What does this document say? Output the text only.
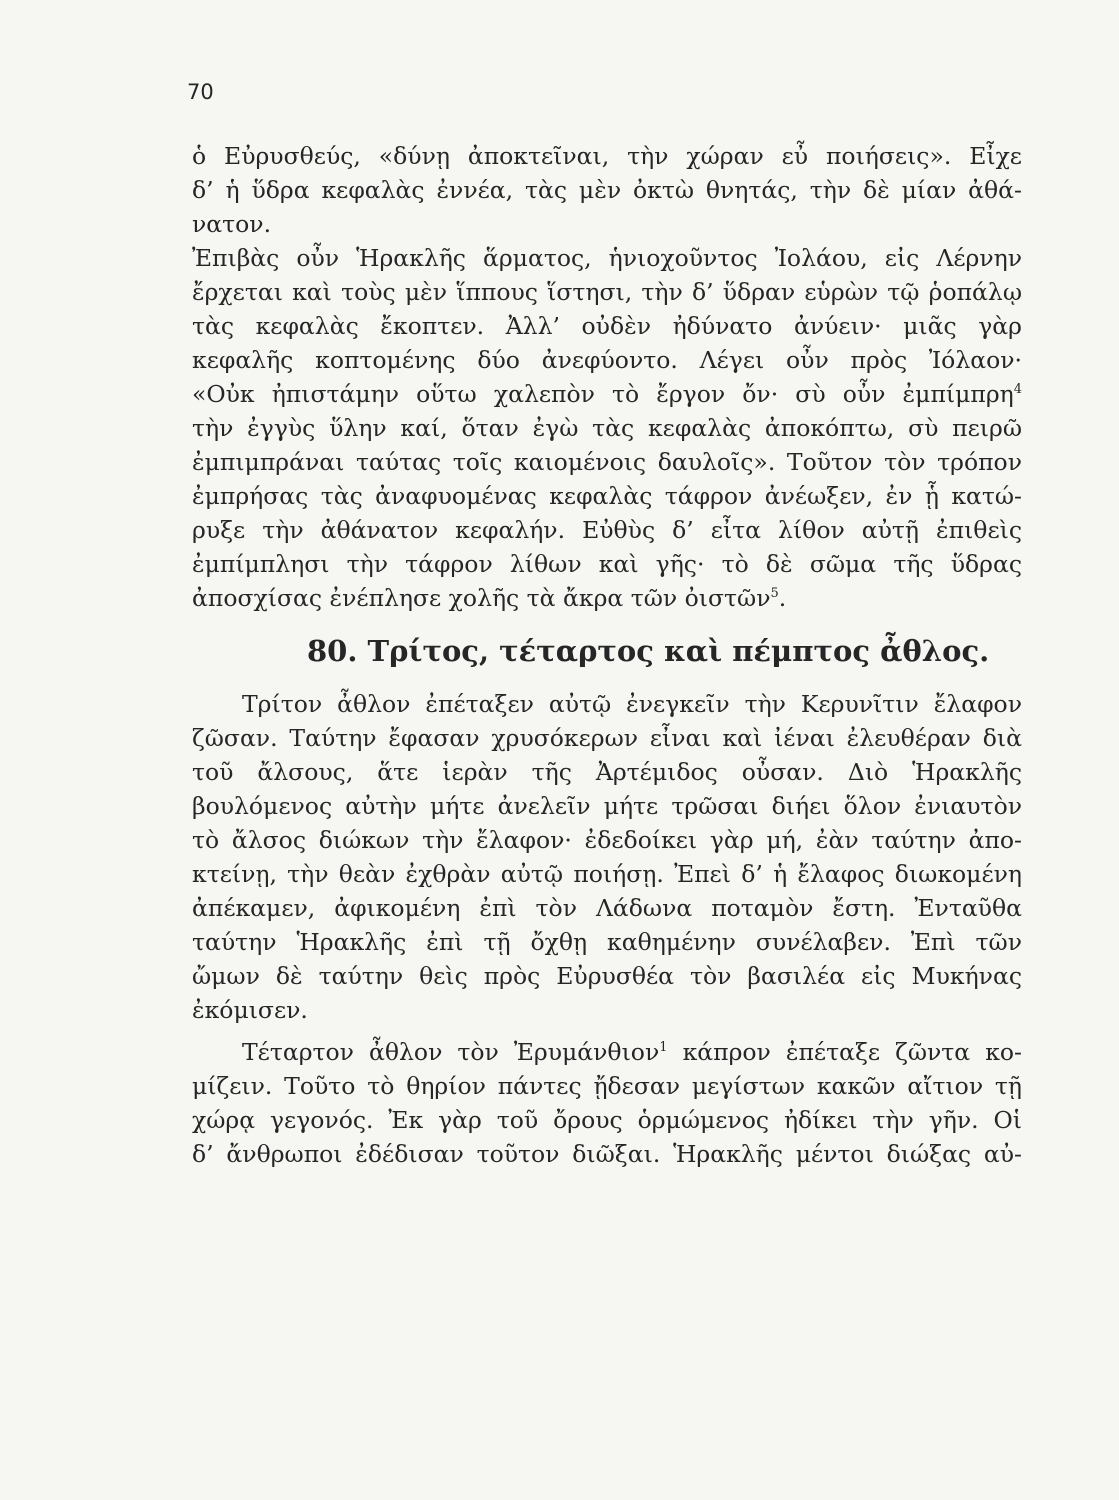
70
ὁ Εὐρυσθεύς, «δύνῃ ἀποκτεῖναι, τὴν χώραν εὖ ποιήσεις». Εἶχε
δ’ ἡ ὕδρα κεφαλὰς ἐννέα, τὰς μὲν ὀκτὼ θνητάς, τὴν δὲ μίαν ἀθά-
νατον.
Ἐπιβὰς οὖν Ἡρακλῆς ἅρματος, ἡνιοχοῦντος Ἰολάου, εἰς Λέρνην
ἔρχεται καὶ τοὺς μὲν ἵππους ἵστησι, τὴν δ’ ὕδραν εὑρὼν τῷ ῥοπάλῳ
τὰς κεφαλὰς ἔκοπτεν. Ἀλλ’ οὐδὲν ἠδύνατο ἀνύειν· μιᾶς γὰρ
κεφαλῆς κοπτομένης δύο ἀνεφύοντο. Λέγει οὖν πρὸς Ἰόλαον·
«Οὐκ ἠπιστάμην οὕτω χαλεπὸν τὸ ἔργον ὄν· σὺ οὖν ἐμπίμπρη$^4$
τὴν ἐγγὺς ὕλην καί, ὅταν ἐγὼ τὰς κεφαλὰς ἀποκόπτω, σὺ πειρῶ
ἐμπιμπράναι ταύτας τοῖς καιομένοις δαυλοῖς». Τοῦτον τὸν τρόπον
ἐμπρήσας τὰς ἀναφυομένας κεφαλὰς τάφρον ἀνέωξεν, ἐν ᾗ κατώ-
ρυξε τὴν ἀθάνατον κεφαλήν. Εὐθὺς δ’ εἶτα λίθον αὐτῇ ἐπιθεὶς
ἐμπίμπλησι τὴν τάφρον λίθων καὶ γῆς· τὸ δὲ σῶμα τῆς ὕδρας
ἀποσχίσας ἐνέπλησε χολῆς τὰ ἄκρα τῶν ὀιστῶν$^5$.
80. Τρίτος, τέταρτος καὶ πέμπτος ἆθλος.
Τρίτον ἆθλον ἐπέταξεν αὐτῷ ἐνεγκεῖν τὴν Κερυνῖτιν ἔλαφον
ζῶσαν. Ταύτην ἔφασαν χρυσόκερων εἶναι καὶ ἰέναι ἐλευθέραν διὰ
τοῦ ἄλσους, ἅτε ἱερὰν τῆς Ἀρτέμιδος οὖσαν. Διὸ Ἡρακλῆς
βουλόμενος αὐτὴν μήτε ἀνελεῖν μήτε τρῶσαι διήει ὅλον ἐνιαυτὸν
τὸ ἄλσος διώκων τὴν ἔλαφον· ἐδεδοίκει γὰρ μή, ἐὰν ταύτην ἀπο-
κτείνῃ, τὴν θεὰν ἐχθρὰν αὐτῷ ποιήσῃ. Ἐπεὶ δ’ ἡ ἔλαφος διωκομένη
ἀπέκαμεν, ἀφικομένη ἐπὶ τὸν Λάδωνα ποταμὸν ἔστη. Ἐνταῦθα
ταύτην Ἡρακλῆς ἐπὶ τῇ ὄχθῃ καθημένην συνέλαβεν. Ἐπὶ τῶν
ὤμων δὲ ταύτην θεὶς πρὸς Εὐρυσθέα τὸν βασιλέα εἰς Μυκήνας
ἐκόμισεν.
Τέταρτον ἆθλον τὸν Ἐρυμάνθιον$^1$ κάπρον ἐπέταξε ζῶντα κο-
μίζειν. Τοῦτο τὸ θηρίον πάντες ᾔδεσαν μεγίστων κακῶν αἴτιον τῇ
χώρᾳ γεγονός. Ἐκ γὰρ τοῦ ὄρους ὁρμώμενος ἠδίκει τὴν γῆν. Οἱ
δ’ ἄνθρωποι ἐδέδισαν τοῦτον διῶξαι. Ἡρακλῆς μέντοι διώξας αὐ-
